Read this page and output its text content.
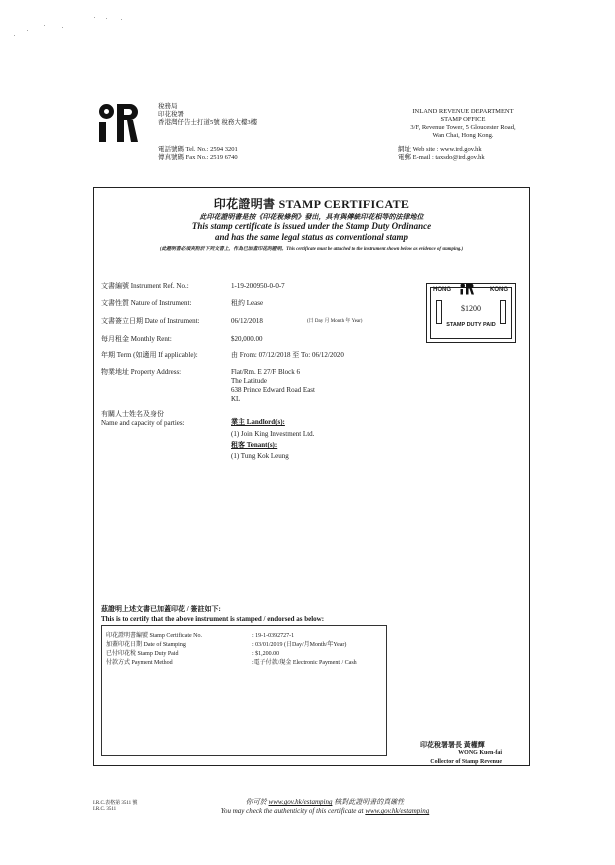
稅務局
印花稅署
香港灣仔告士打道5號 稅務大樓3樓
INLAND REVENUE DEPARTMENT
STAMP OFFICE
3/F, Revenue Tower, 5 Gloucester Road,
Wan Chai, Hong Kong.
電話號碼 Tel. No.: 2594 3201
傳真號碼 Fax No.: 2519 6740
網址 Web site : www.ird.gov.hk
電郵 E-mail : taxsdo@ird.gov.hk
印花證明書 STAMP CERTIFICATE
此印花證明書是按《印花稅條例》發出，具有與傳統印花相等的法律地位
This stamp certificate is issued under the Stamp Duty Ordinance
and has the same legal status as conventional stamp
(此證明書必須夾附於下列文書上，作為已加蓋印花的證明。This certificate must be attached to the instrument shown below as evidence of stamping.)
文書編號 Instrument Ref. No.:	1-19-200950-0-0-7
文書性質 Nature of Instrument:	租約 Lease
文書簽立日期 Date of Instrument:	06/12/2018	(日 Day 月 Month 年 Year)
每月租金 Monthly Rent:	$20,000.00
年期 Term (如適用 If applicable):	由 From: 07/12/2018 至 To: 06/12/2020
物業地址 Property Address:	Flat/Rm. E 27/F Block 6
The Latitude
638 Prince Edward Road East
KL
有關人士姓名及身份
Name and capacity of parties:	業主 Landlord(s):
(1) Join King Investment Ltd.
租客 Tenant(s):
(1) Tung Kok Leung
HONG	KONG
$1200
STAMP DUTY PAID
茲證明上述文書已加蓋印花 / 簽註如下:
This is to certify that the above instrument is stamped / endorsed as below:
印花證明書編號 Stamp Certificate No.	: 19-1-0392727-1
加蓋印花日期 Date of Stamping	: 03/01/2019 (日Day/月Month/年Year)
已付印花稅 Stamp Duty Paid	: $1,200.00
付款方式 Payment Method	:電子付款/現金 Electronic Payment / Cash
印花稅署署長 黃權輝
WONG Kuen-fai
Collector of Stamp Revenue
I.R.C.表格第 3511 號
I.R.C. 3511
你可於 www.gov.hk/estamping 核對此證明書的真確性
You may check the authenticity of this certificate at www.gov.hk/estamping
